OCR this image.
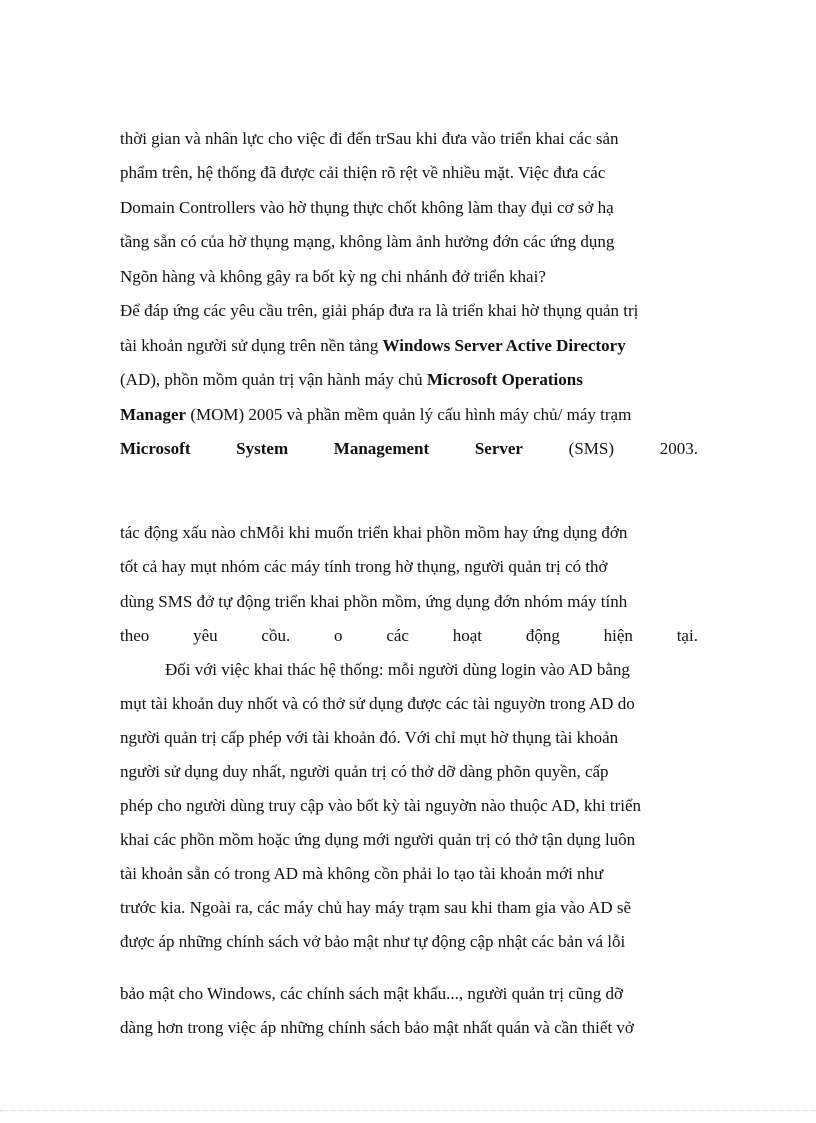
thời gian và nhân lực cho việc đi đến trSau khi đưa vào triển khai các sản
phẩm trên, hệ thống đã được cải thiện rõ rệt về nhiều mặt. Việc đưa các
Domain Controllers vào hờ thụng thực chốt không làm thay đụi cơ sở hạ
tầng sẵn có của hờ thụng mạng, không làm ảnh hưởng đớn các ứng dụng
Ngõn hàng và không gây ra bốt kỳ ng chi nhánh đở triển khai?
Để đáp ứng các yêu cầu trên, giải pháp đưa ra là triển khai hờ thụng quản trị
tài khoản người sử dụng trên nền tảng Windows Server Active Directory
(AD), phồn mồm quản trị vận hành máy chủ Microsoft Operations
Manager (MOM) 2005 và phần mềm quản lý cấu hình máy chủ/ máy trạm
Microsoft	System	Management	Server	(SMS)	2003.
tác động xấu nào chMỗi khi muốn triển khai phồn mồm hay ứng dụng đớn
tốt cả hay mụt nhóm các máy tính trong hờ thụng, người quản trị có thở
dùng SMS đở tự động triển khai phồn mồm, ứng dụng đớn nhóm máy tính
theo	yêu	cồu.	o	các	hoạt	động	hiện	tại.
Đối với việc khai thác hệ thống: mỗi người dùng login vào AD bằng
mụt tài khoản duy nhốt và có thở sử dụng được các tài nguyờn trong AD do
người quản trị cấp phép với tài khoản đó. Với chỉ mụt hờ thụng tài khoản
người sử dụng duy nhất, người quản trị có thở dỡ dàng phõn quyền, cấp
phép cho người dùng truy cập vào bốt kỳ tài nguyờn nào thuộc AD, khi triển
khai các phồn mồm hoặc ứng dụng mới người quản trị có thở tận dụng luôn
tài khoản sẵn có trong AD mà không cồn phải lo tạo tài khoản mới như
trước kia. Ngoài ra, các máy chủ hay máy trạm sau khi tham gia vào AD sẽ
được áp những chính sách vở bảo mật như tự động cập nhật các bản vá lỗi
bảo mật cho Windows, các chính sách mật khẩu..., người quản trị cũng dỡ
dàng hơn trong việc áp những chính sách bảo mật nhất quán và cần thiết vở
